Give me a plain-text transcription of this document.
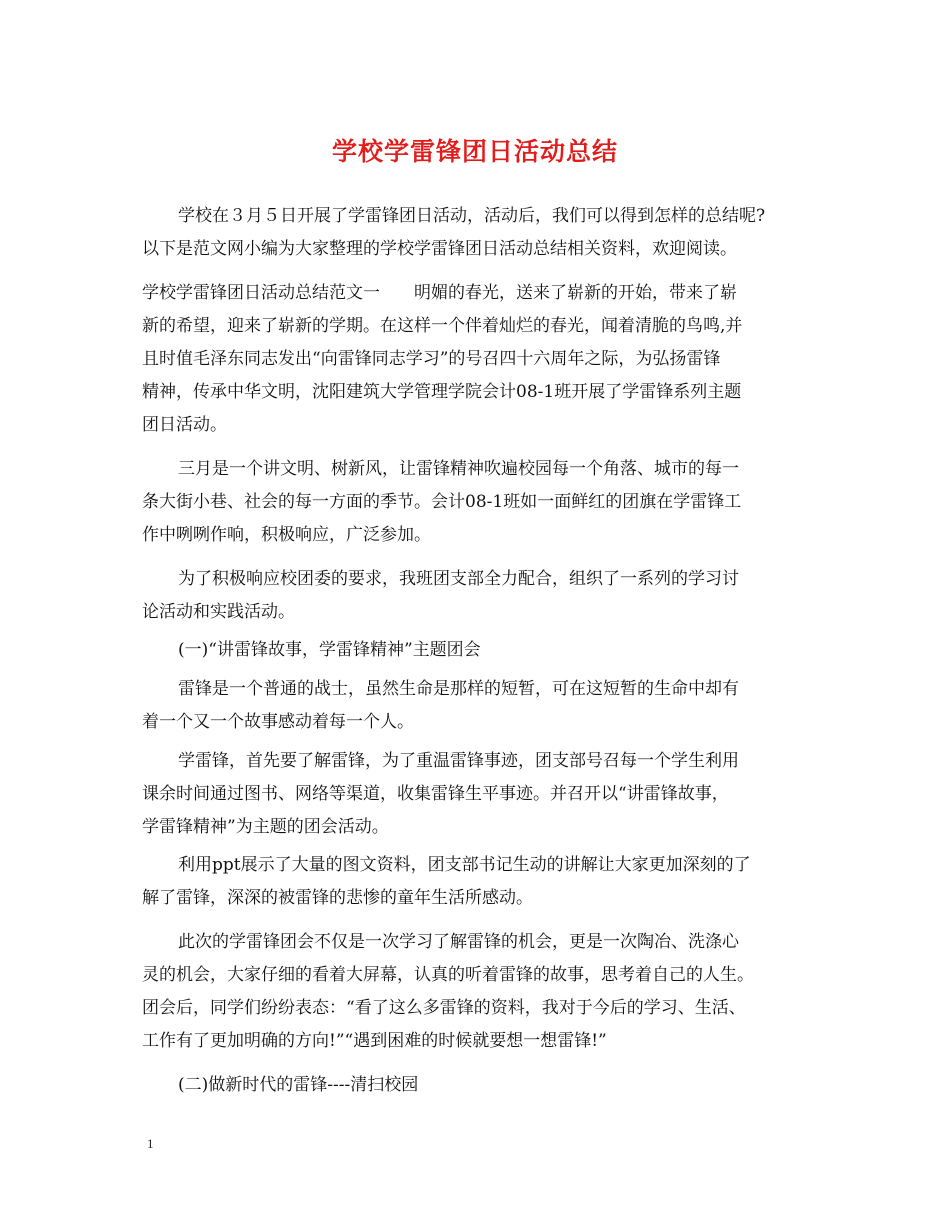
学校学雷锋团日活动总结
学校在３月５日开展了学雷锋团日活动，活动后，我们可以得到怎样的总结呢?
以下是范文网小编为大家整理的学校学雷锋团日活动总结相关资料，欢迎阅读。
学校学雷锋团日活动总结范文一　　明媚的春光，送来了崭新的开始，带来了崭
新的希望，迎来了崭新的学期。在这样一个伴着灿烂的春光，闻着清脆的鸟鸣,并
且时值毛泽东同志发出“向雷锋同志学习”的号召四十六周年之际，为弘扬雷锋
精神，传承中华文明，沈阳建筑大学管理学院会计08-1班开展了学雷锋系列主题
团日活动。
三月是一个讲文明、树新风，让雷锋精神吹遍校园每一个角落、城市的每一
条大街小巷、社会的每一方面的季节。会计08-1班如一面鲜红的团旗在学雷锋工
作中咧咧作响，积极响应，广泛参加。
为了积极响应校团委的要求，我班团支部全力配合，组织了一系列的学习讨
论活动和实践活动。
(一)“讲雷锋故事，学雷锋精神”主题团会
雷锋是一个普通的战士，虽然生命是那样的短暂，可在这短暂的生命中却有
着一个又一个故事感动着每一个人。
学雷锋，首先要了解雷锋，为了重温雷锋事迹，团支部号召每一个学生利用
课余时间通过图书、网络等渠道，收集雷锋生平事迹。并召开以“讲雷锋故事，
学雷锋精神”为主题的团会活动。
利用ppt展示了大量的图文资料，团支部书记生动的讲解让大家更加深刻的了
解了雷锋，深深的被雷锋的悲惨的童年生活所感动。
此次的学雷锋团会不仅是一次学习了解雷锋的机会，更是一次陶冶、洗涤心
灵的机会，大家仔细的看着大屏幕，认真的听着雷锋的故事，思考着自己的人生。
团会后，同学们纷纷表态：“看了这么多雷锋的资料，我对于今后的学习、生活、
工作有了更加明确的方向!”“遇到困难的时候就要想一想雷锋!”
(二)做新时代的雷锋----清扫校园
1
